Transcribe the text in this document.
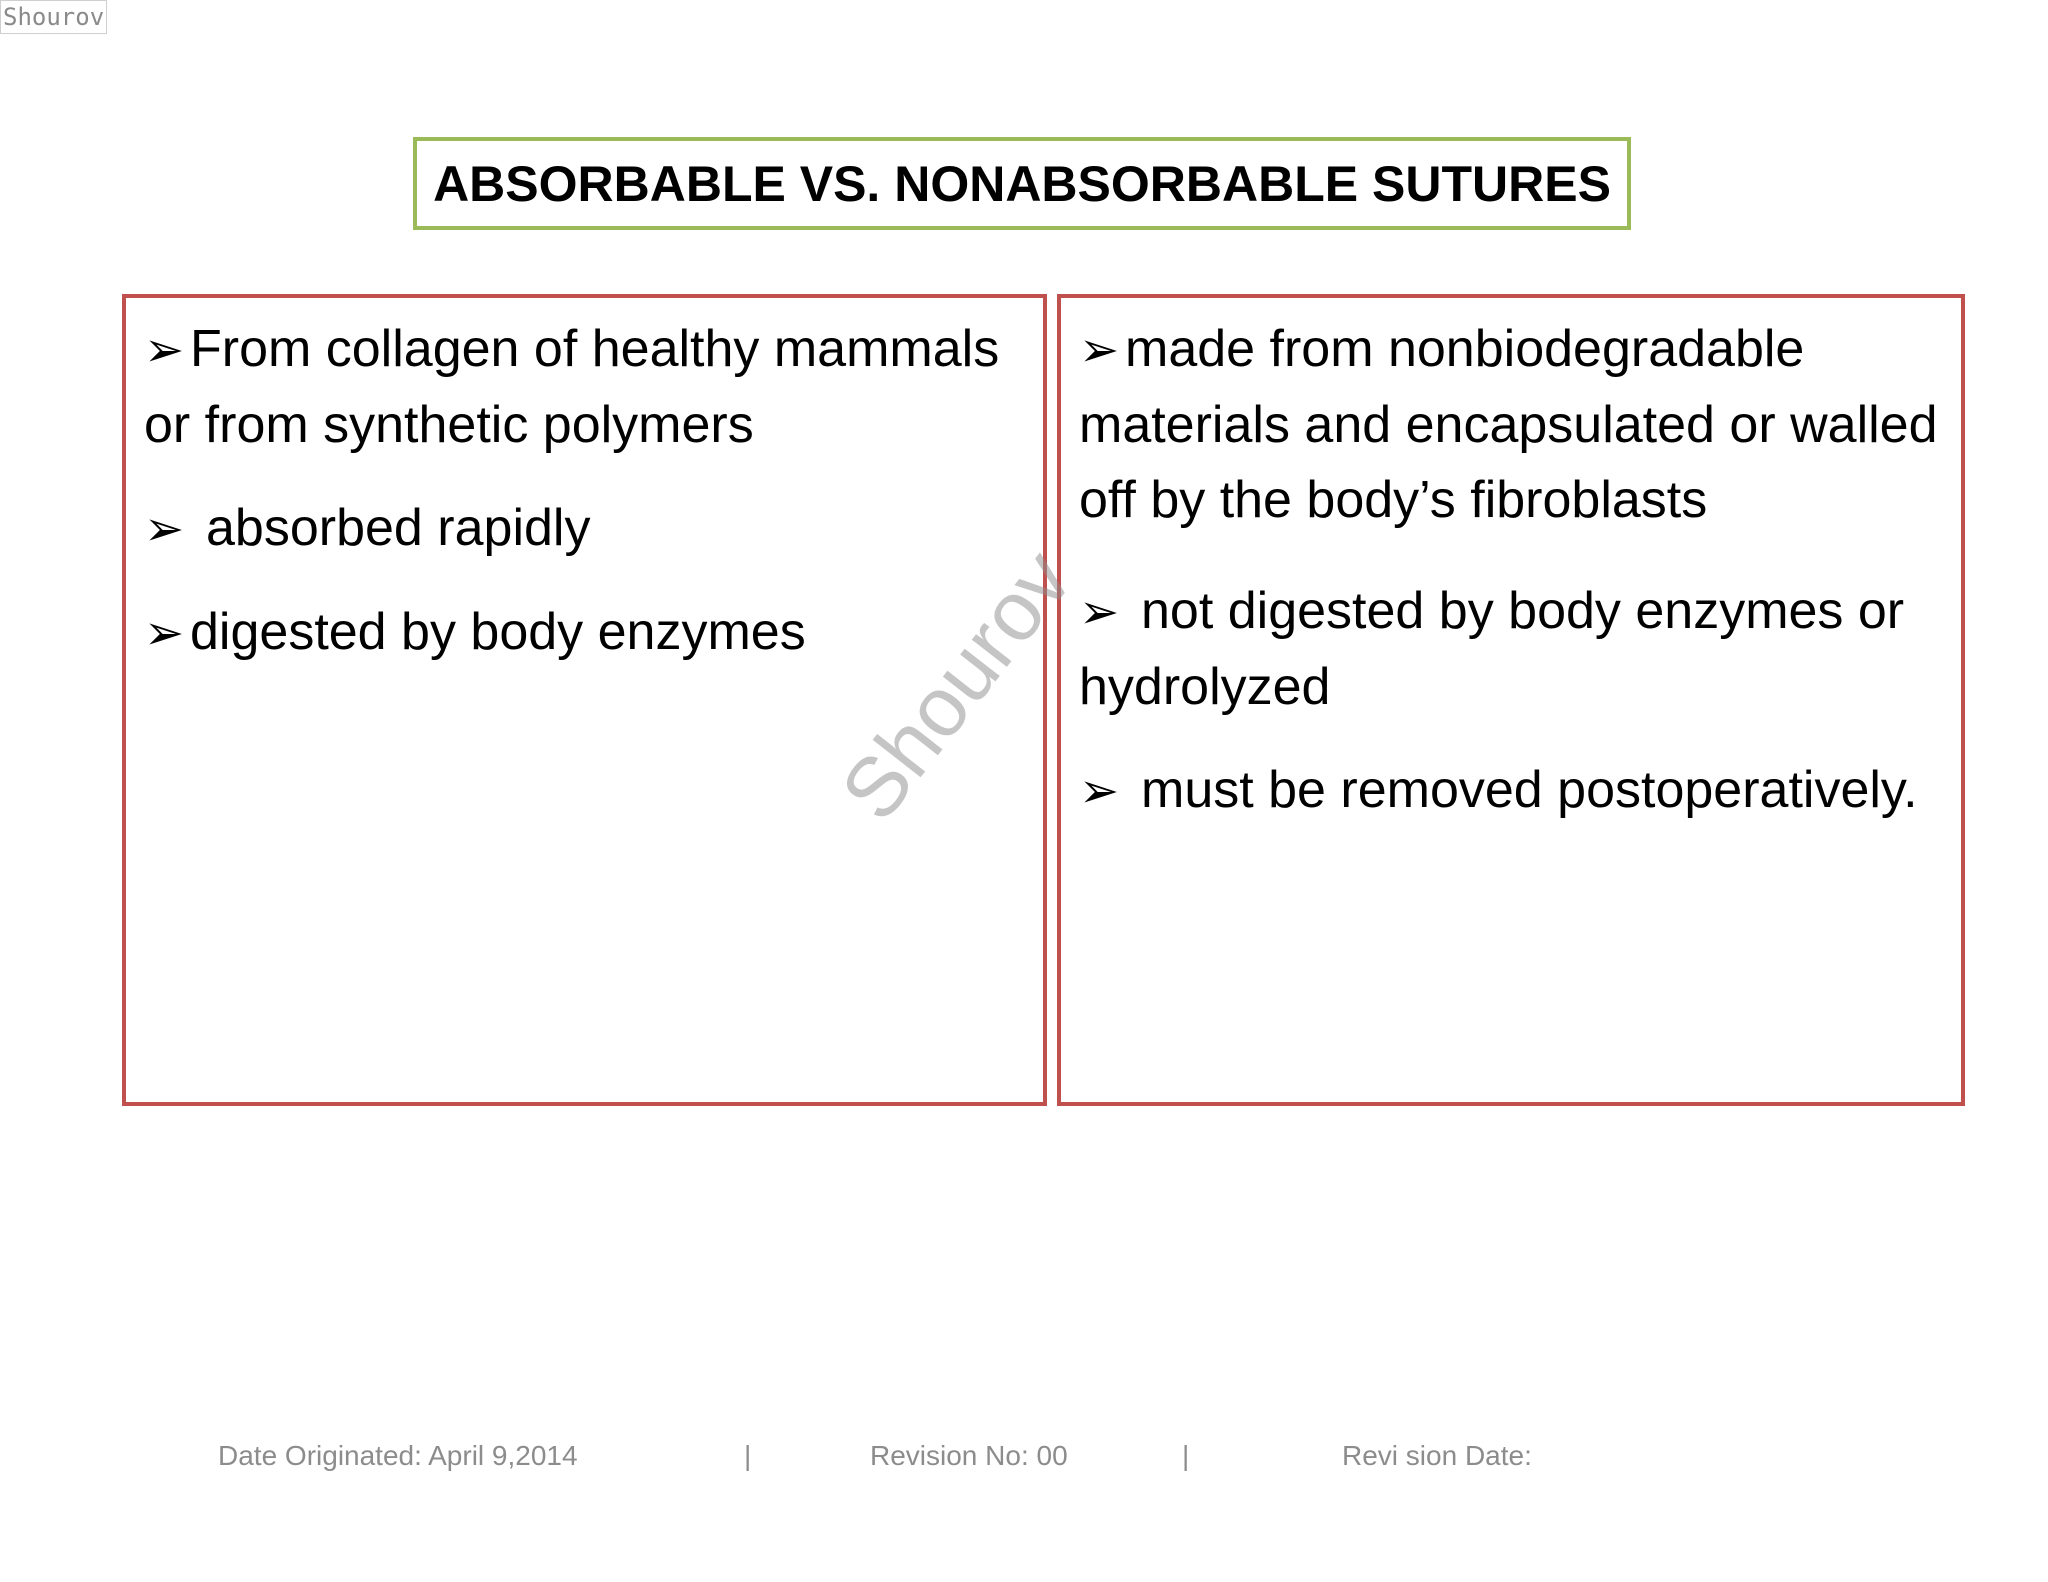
Shourov
ABSORBABLE VS. NONABSORBABLE SUTURES
➢ From collagen of healthy mammals or from synthetic polymers
➢ absorbed rapidly
➢ digested by body enzymes
➢ made from nonbiodegradable materials and encapsulated or walled off by the body’s fibroblasts
➢ not digested by body enzymes or hydrolyzed
➢ must be removed postoperatively.
Shourov
Date Originated: April 9,2014	|	Revision No: 00	|	Revi sion Date:
